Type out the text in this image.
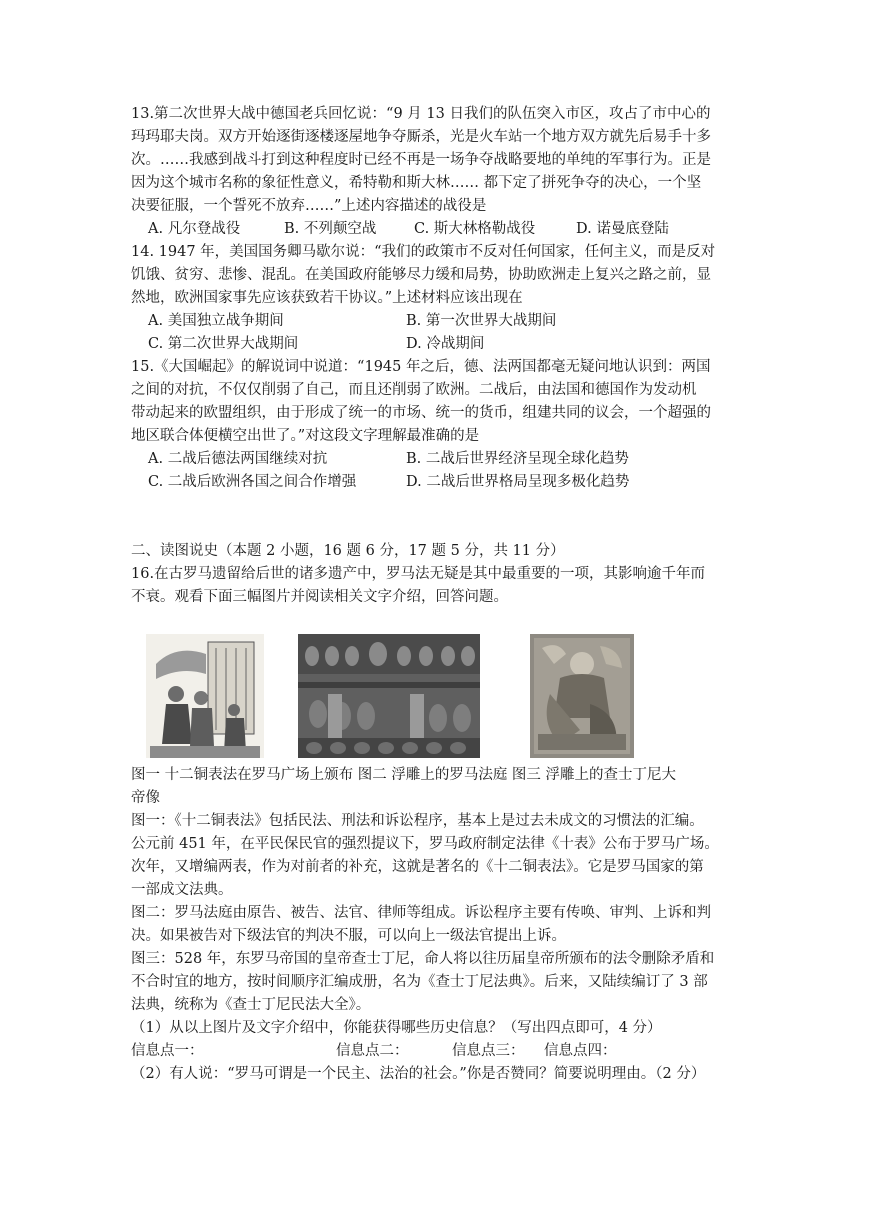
13.第二次世界大战中德国老兵回忆说：“9 月 13 日我们的队伍突入市区，攻占了市中心的
玛玛耶夫岗。双方开始逐街逐楼逐屋地争夺厮杀，光是火车站一个地方双方就先后易手十多
次。……我感到战斗打到这种程度时已经不再是一场争夺战略要地的单纯的军事行为。正是
因为这个城市名称的象征性意义，希特勒和斯大林…… 都下定了拼死争夺的决心，一个坚
决要征服，一个誓死不放弃……”上述内容描述的战役是
A. 凡尔登战役	B. 不列颠空战	C. 斯大林格勒战役	D. 诺曼底登陆
14. 1947 年，美国国务卿马歇尔说：“我们的政策市不反对任何国家，任何主义，而是反对
饥饿、贫穷、悲惨、混乱。在美国政府能够尽力缓和局势，协助欧洲走上复兴之路之前，显
然地，欧洲国家事先应该获致若干协议。”上述材料应该出现在
A. 美国独立战争期间	B. 第一次世界大战期间
C. 第二次世界大战期间	D. 冷战期间
15.《大国崛起》的解说词中说道：“1945 年之后，德、法两国都毫无疑问地认识到：两国
之间的对抗，不仅仅削弱了自己，而且还削弱了欧洲。二战后，由法国和德国作为发动机
带动起来的欧盟组织，由于形成了统一的市场、统一的货币，组建共同的议会，一个超强的
地区联合体便横空出世了。”对这段文字理解最准确的是
A. 二战后德法两国继续对抗	B. 二战后世界经济呈现全球化趋势
C. 二战后欧洲各国之间合作增强	D. 二战后世界格局呈现多极化趋势
二、读图说史（本题 2 小题，16 题 6 分，17 题 5 分，共 11 分）
16.在古罗马遗留给后世的诸多遗产中，罗马法无疑是其中最重要的一项，其影响逾千年而
不衰。观看下面三幅图片并阅读相关文字介绍，回答问题。
图一 十二铜表法在罗马广场上颁布 图二 浮雕上的罗马法庭 图三 浮雕上的查士丁尼大
帝像
图一：《十二铜表法》包括民法、刑法和诉讼程序，基本上是过去未成文的习惯法的汇编。
公元前 451 年，在平民保民官的强烈提议下，罗马政府制定法律《十表》公布于罗马广场。
次年，又增编两表，作为对前者的补充，这就是著名的《十二铜表法》。它是罗马国家的第
一部成文法典。
图二：罗马法庭由原告、被告、法官、律师等组成。诉讼程序主要有传唤、审判、上诉和判
决。如果被告对下级法官的判决不服，可以向上一级法官提出上诉。
图三：528 年，东罗马帝国的皇帝查士丁尼，命人将以往历届皇帝所颁布的法令删除矛盾和
不合时宜的地方，按时间顺序汇编成册，名为《查士丁尼法典》。后来，又陆续编订了 3 部
法典，统称为《查士丁尼民法大全》。
（1）从以上图片及文字介绍中，你能获得哪些历史信息？（写出四点即可，4 分）
信息点一：	信息点二：	信息点三： 信息点四：
（2）有人说：“罗马可谓是一个民主、法治的社会。”你是否赞同？简要说明理由。（2 分）
